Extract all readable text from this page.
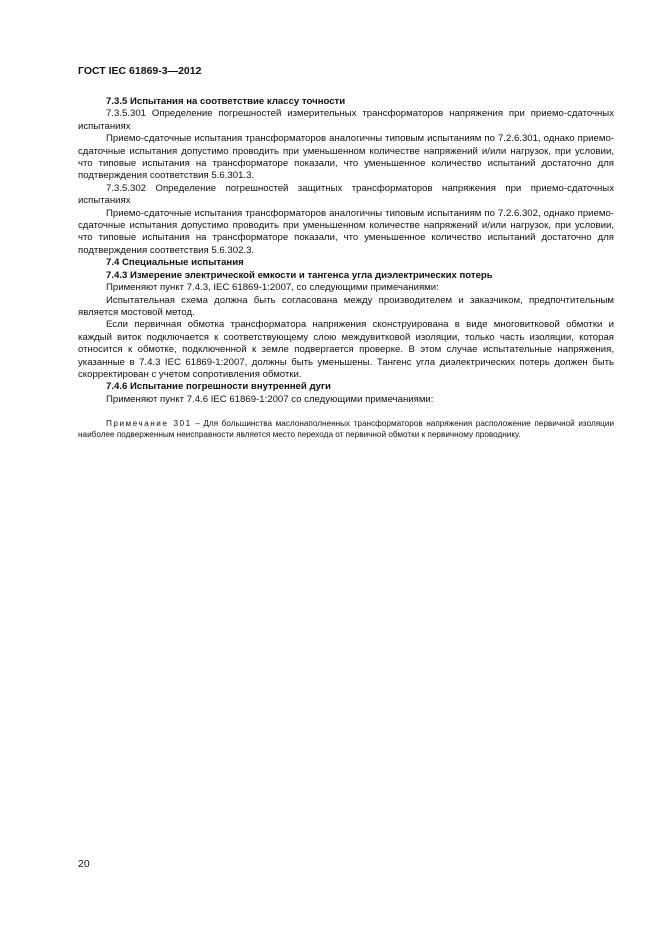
ГОСТ IEC 61869-3—2012

7.3.5 Испытания на соответствие классу точности

7.3.5.301 Определение погрешностей измерительных трансформаторов напряжения при приемо-сдаточных испытаниях

Приемо-сдаточные испытания трансформаторов аналогичны типовым испытаниям по 7.2.6.301, однако приемо-сдаточные испытания допустимо проводить при уменьшенном количестве напряжений и/или нагрузок, при условии, что типовые испытания на трансформаторе показали, что уменьшенное количество испытаний достаточно для подтверждения соответствия 5.6.301.3.

7.3.5.302 Определение погрешностей защитных трансформаторов напряжения при приемо-сдаточных испытаниях

Приемо-сдаточные испытания трансформаторов аналогичны типовым испытаниям по 7.2.6.302, однако приемо-сдаточные испытания допустимо проводить при уменьшенном количестве напряжений и/или нагрузок, при условии, что типовые испытания на трансформаторе показали, что уменьшенное количество испытаний достаточно для подтверждения соответствия 5.6.302.3.

7.4 Специальные испытания

7.4.3 Измерение электрической емкости и тангенса угла диэлектрических потерь

Применяют пункт 7.4.3, IEC 61869-1:2007, со следующими примечаниями:

Испытательная схема должна быть согласована между производителем и заказчиком, предпочтительным является мостовой метод.

Если первичная обмотка трансформатора напряжения сконструирована в виде многовитковой обмотки и каждый виток подключается к соответствующему слою междувитковой изоляции, только часть изоляции, которая относится к обмотке, подключенной к земле подвергается проверке. В этом случае испытательные напряжения, указанные в 7.4.3 IEC 61869-1:2007, должны быть уменьшены. Тангенс угла диэлектрических потерь должен быть скорректирован с учетом сопротивления обмотки.

7.4.6 Испытание погрешности внутренней дуги

Применяют пункт 7.4.6 IEC 61869-1:2007 со следующими примечаниями:

Примечание 301 – Для большинства маслонаполненных трансформаторов напряжения расположение первичной изоляции наиболее подверженным неисправности является место перехода от первичной обмотки к первичному проводнику.

20
